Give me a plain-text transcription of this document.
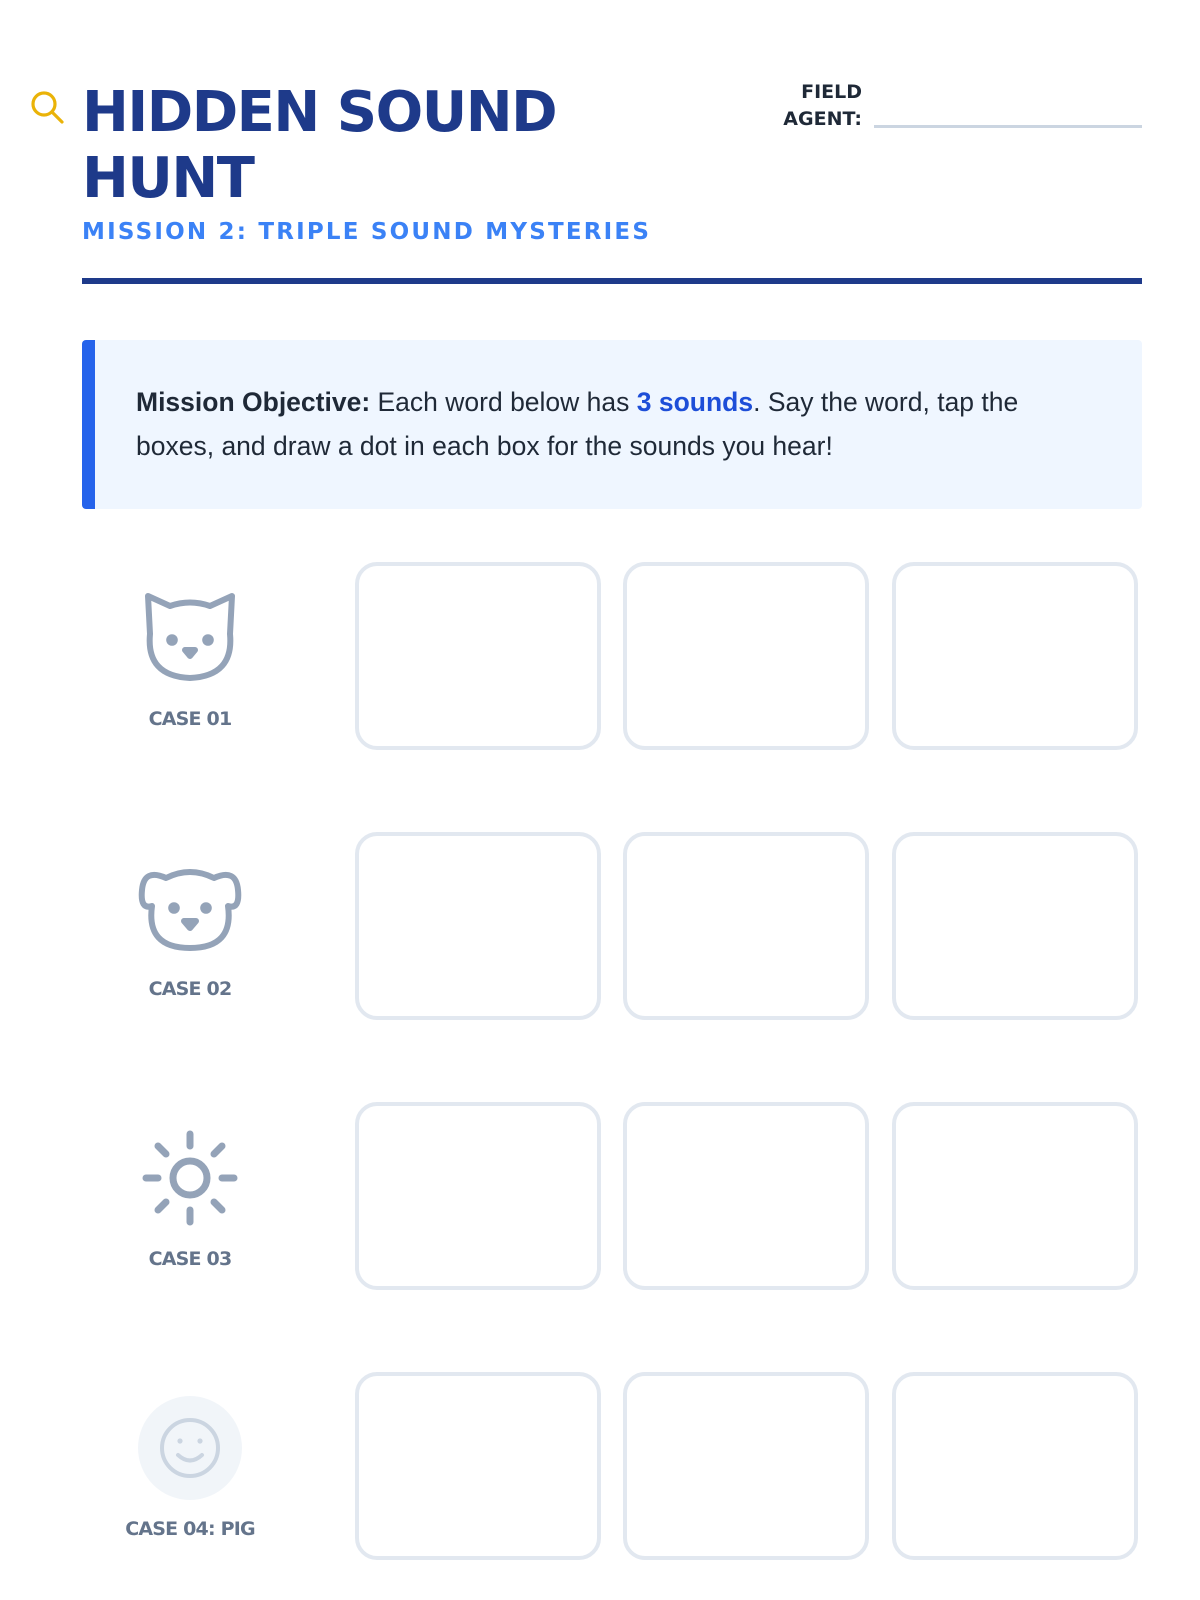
HIDDEN SOUND HUNT
MISSION 2: TRIPLE SOUND MYSTERIES
FIELD
AGENT:
Mission Objective: Each word below has 3 sounds. Say the word, tap the boxes, and draw a dot in each box for the sounds you hear!
CASE 01
CASE 02
CASE 03
CASE 04: PIG
